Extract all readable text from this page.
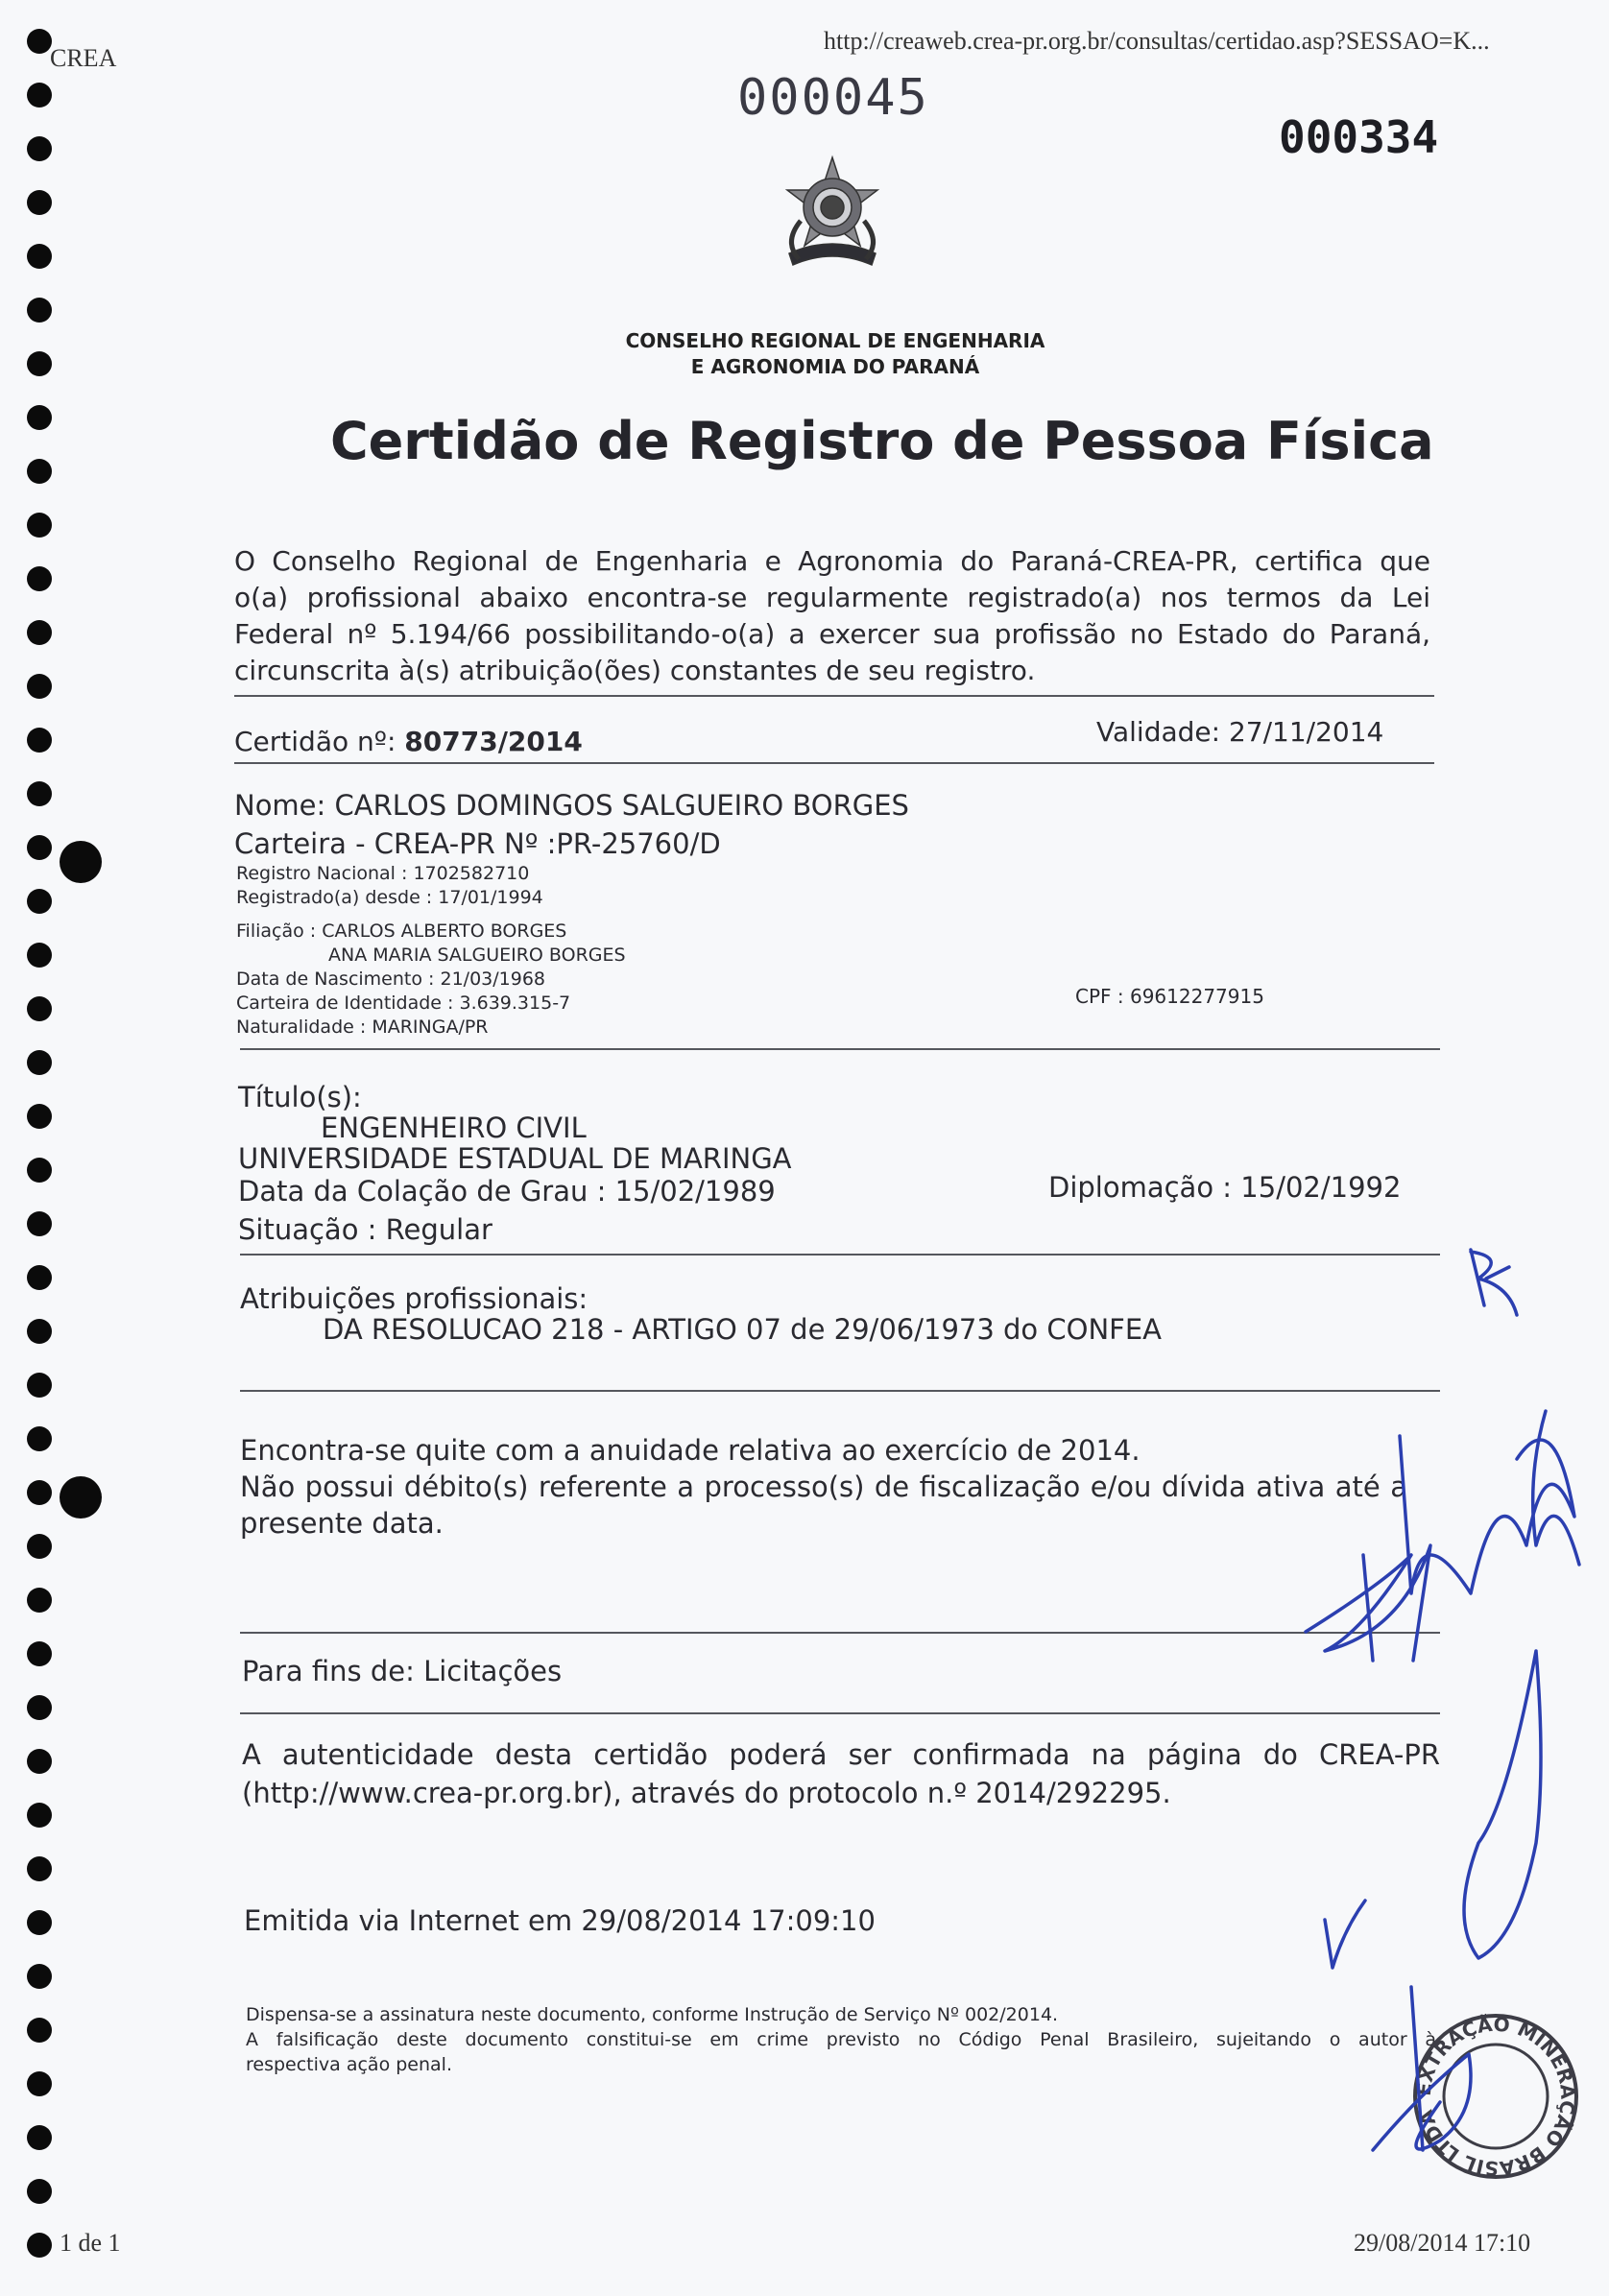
CREA
http://creaweb.crea-pr.org.br/consultas/certidao.asp?SESSAO=K...
000045
000334
CONSELHO REGIONAL DE ENGENHARIA
E AGRONOMIA DO PARANÁ
Certidão de Registro de Pessoa Física
O Conselho Regional de Engenharia e Agronomia do Paraná-CREA-PR, certifica que
o(a) profissional abaixo encontra-se regularmente registrado(a) nos termos da Lei
Federal nº 5.194/66 possibilitando-o(a) a exercer sua profissão no Estado do Paraná,
circunscrita à(s) atribuição(ões) constantes de seu registro.
Certidão nº: 80773/2014	Validade: 27/11/2014
Nome: CARLOS DOMINGOS SALGUEIRO BORGES
Carteira - CREA-PR Nº :PR-25760/D
Registro Nacional : 1702582710
Registrado(a) desde : 17/01/1994
Filiação : CARLOS ALBERTO BORGES
ANA MARIA SALGUEIRO BORGES
Data de Nascimento : 21/03/1968
Carteira de Identidade : 3.639.315-7
Naturalidade : MARINGA/PR
CPF : 69612277915
Título(s):
ENGENHEIRO CIVIL
UNIVERSIDADE ESTADUAL DE MARINGA
Data da Colação de Grau : 15/02/1989	Diplomação : 15/02/1992
Situação : Regular
Atribuições profissionais:
DA RESOLUCAO 218 - ARTIGO 07 de 29/06/1973 do CONFEA
Encontra-se quite com a anuidade relativa ao exercício de 2014.
Não possui débito(s) referente a processo(s) de fiscalização e/ou dívida ativa até a
presente data.
Para fins de: Licitações
A autenticidade desta certidão poderá ser confirmada na página do CREA-PR
(http://www.crea-pr.org.br), através do protocolo n.º 2014/292295.
Emitida via Internet em 29/08/2014 17:09:10
Dispensa-se a assinatura neste documento, conforme Instrução de Serviço Nº 002/2014.
A falsificação deste documento constitui-se em crime previsto no Código Penal Brasileiro, sujeitando o autor à
respectiva ação penal.
1 de 1	29/08/2014 17:10
EXTRAÇÃO MINERAÇÃO BRASIL LTDA
